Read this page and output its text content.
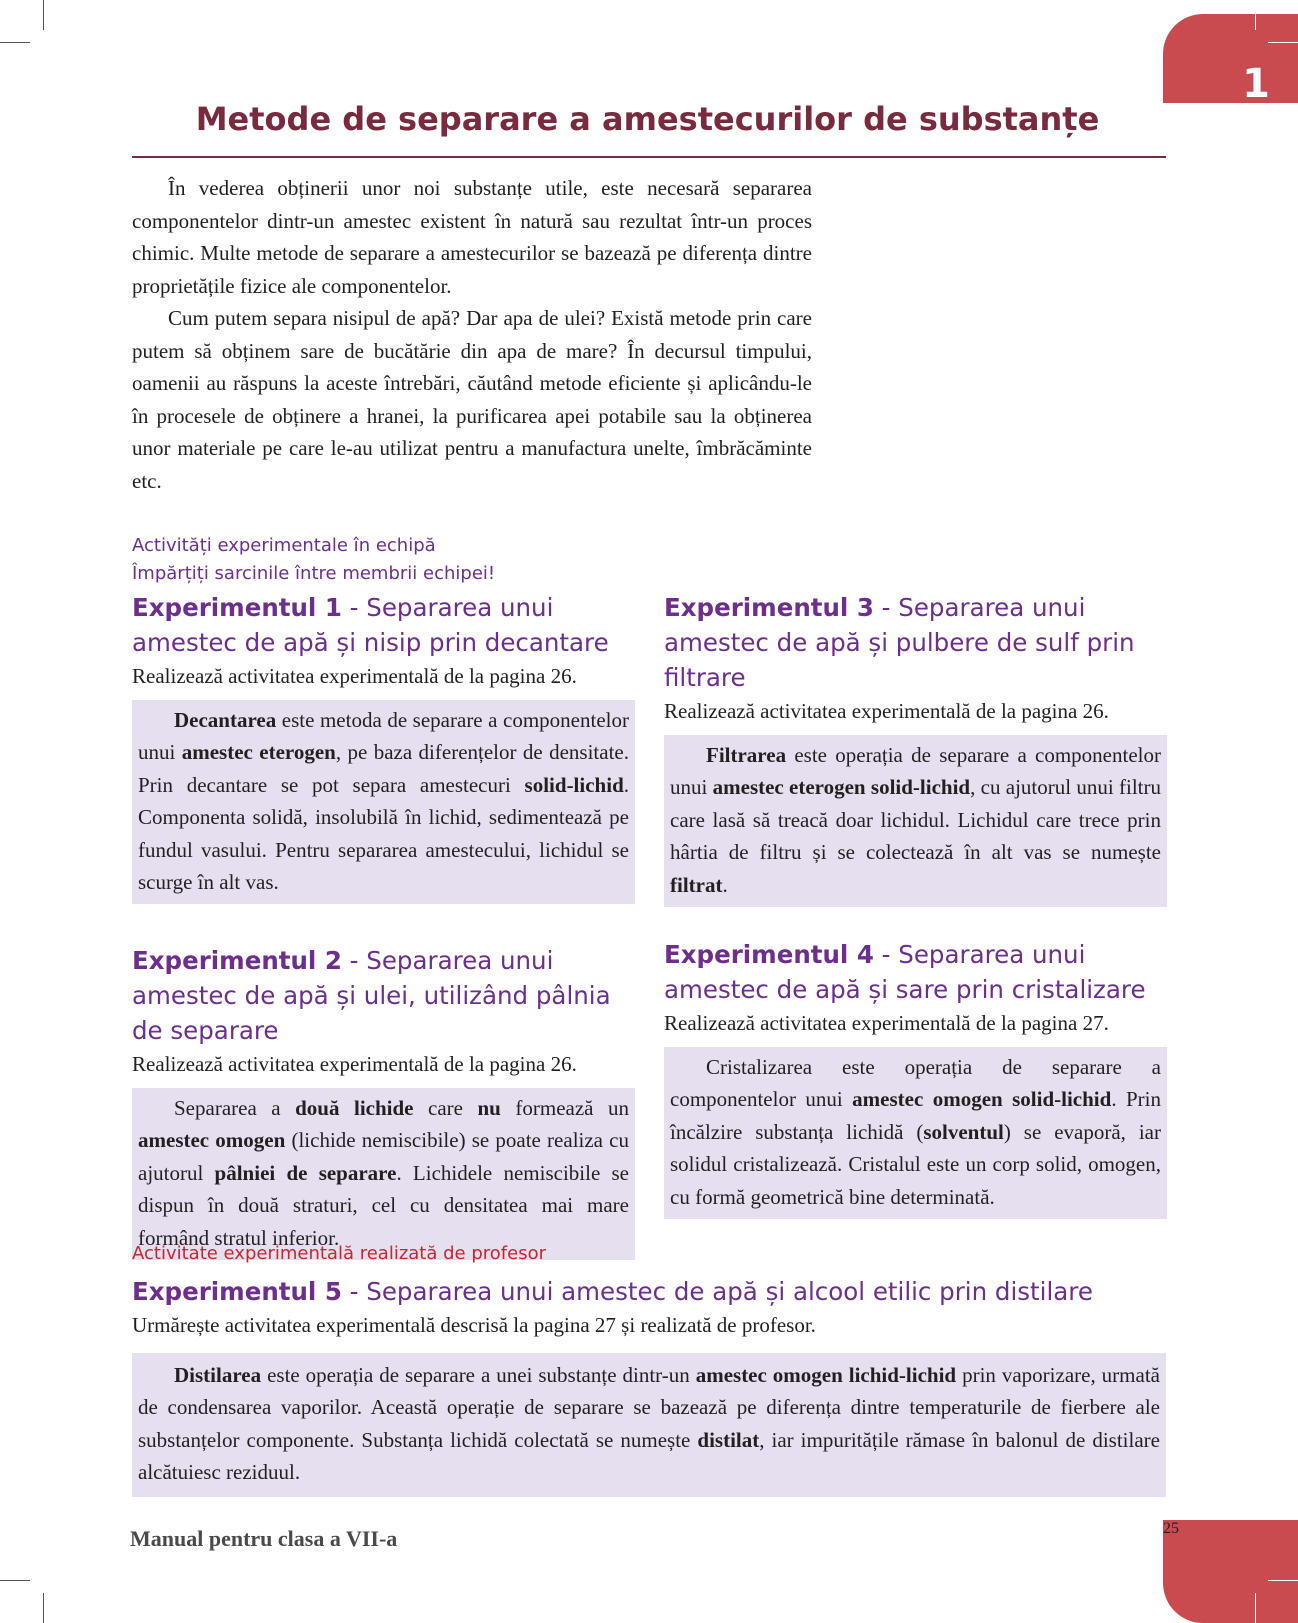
1
Metode de separare a amestecurilor de substanțe

În vederea obținerii unor noi substanțe utile, este necesară separarea componentelor dintr-un amestec existent în natură sau rezultat într-un proces chimic. Multe metode de separare a amestecurilor se bazează pe diferența dintre proprietățile fizice ale componentelor.

Cum putem separa nisipul de apă? Dar apa de ulei? Există metode prin care putem să obținem sare de bucătărie din apa de mare? În decursul timpului, oamenii au răspuns la aceste întrebări, căutând metode eficiente și aplicându-le în procesele de obținere a hranei, la purificarea apei potabile sau la obținerea unor materiale pe care le-au utilizat pentru a manufactura unelte, îmbrăcăminte etc.

Activități experimentale în echipă
Împărțiți sarcinile între membrii echipei!
Experimentul 1 - Separarea unui amestec de apă și nisip prin decantare

Realizează activitatea experimentală de la pagina 26.

Decantarea este metoda de separare a componentelor unui amestec eterogen, pe baza diferențelor de densitate. Prin decantare se pot separa amestecuri solid-lichid. Componenta solidă, insolubilă în lichid, sedimentează pe fundul vasului. Pentru separarea amestecului, lichidul se scurge în alt vas.

Experimentul 2 - Separarea unui amestec de apă și ulei, utilizând pâlnia de separare

Realizează activitatea experimentală de la pagina 26.

Separarea a două lichide care nu formează un amestec omogen (lichide nemiscibile) se poate realiza cu ajutorul pâlniei de separare. Lichidele nemiscibile se dispun în două straturi, cel cu densitatea mai mare formând stratul inferior.

Experimentul 3 - Separarea unui amestec de apă și pulbere de sulf prin filtrare

Realizează activitatea experimentală de la pagina 26.

Filtrarea este operația de separare a componentelor unui amestec eterogen solid-lichid, cu ajutorul unui filtru care lasă să treacă doar lichidul. Lichidul care trece prin hârtia de filtru și se colectează în alt vas se numește filtrat.

Experimentul 4 - Separarea unui amestec de apă și sare prin cristalizare

Realizează activitatea experimentală de la pagina 27.

Cristalizarea este operația de separare a componentelor unui amestec omogen solid-lichid. Prin încălzire substanța lichidă (solventul) se evaporă, iar solidul cristalizează. Cristalul este un corp solid, omogen, cu formă geometrică bine determinată.

Activitate experimentală realizată de profesor
Experimentul 5 - Separarea unui amestec de apă și alcool etilic prin distilare

Urmărește activitatea experimentală descrisă la pagina 27 și realizată de profesor.

Distilarea este operația de separare a unei substanțe dintr-un amestec omogen lichid-lichid prin vaporizare, urmată de condensarea vaporilor. Această operație de separare se bazează pe diferența dintre temperaturile de fierbere ale substanțelor componente. Substanța lichidă colectată se numește distilat, iar impuritățile rămase în balonul de distilare alcătuiesc reziduul.

Manual pentru clasa a VII-a	25
